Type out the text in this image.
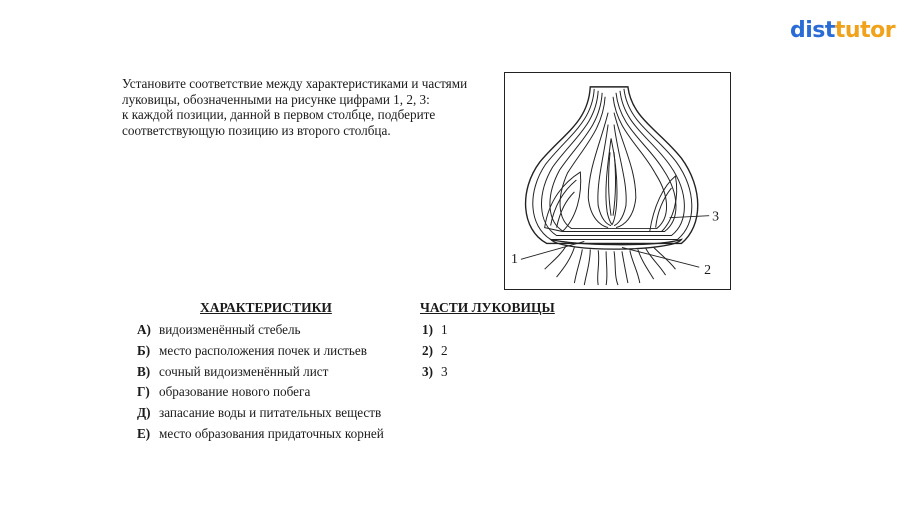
disttutor
Установите соответствие между характеристиками и частями
луковицы, обозначенными на рисунке цифрами 1, 2, 3:
к каждой позиции, данной в первом столбце, подберите
соответствующую позицию из второго столбца.
1
2
3
ХАРАКТЕРИСТИКИ	ЧАСТИ ЛУКОВИЦЫ
А) видоизменённый стебель
Б) место расположения почек и листьев
В) сочный видоизменённый лист
Г) образование нового побега
Д) запасание воды и питательных веществ
Е) место образования придаточных корней
1) 1
2) 2
3) 3
